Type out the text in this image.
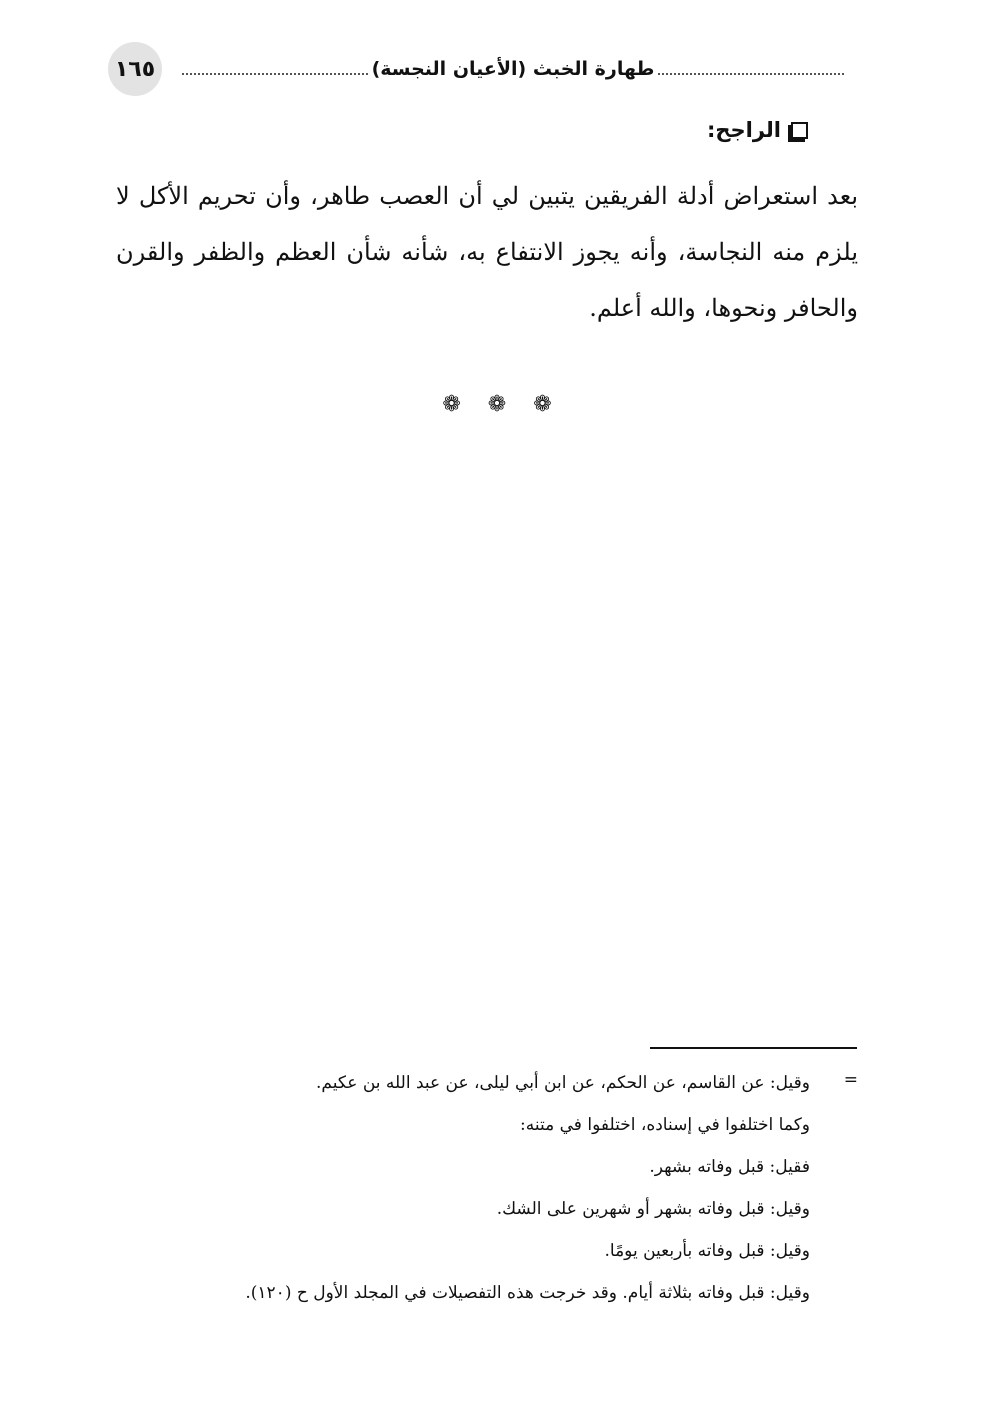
١٦٥	طهارة الخبث (الأعيان النجسة)
الراجح:

بعد استعراض أدلة الفريقين يتبين لي أن العصب طاهر، وأن تحريم الأكل لا يلزم منه النجاسة، وأنه يجوز الانتفاع به، شأنه شأن العظم والظفر والقرن والحافر ونحوها، والله أعلم.

❁ ❁ ❁
=
وقيل: عن القاسم، عن الحكم، عن ابن أبي ليلى، عن عبد الله بن عكيم.
وكما اختلفوا في إسناده، اختلفوا في متنه:
فقيل: قبل وفاته بشهر.
وقيل: قبل وفاته بشهر أو شهرين على الشك.
وقيل: قبل وفاته بأربعين يومًا.
وقيل: قبل وفاته بثلاثة أيام. وقد خرجت هذه التفصيلات في المجلد الأول ح (١٢٠).
